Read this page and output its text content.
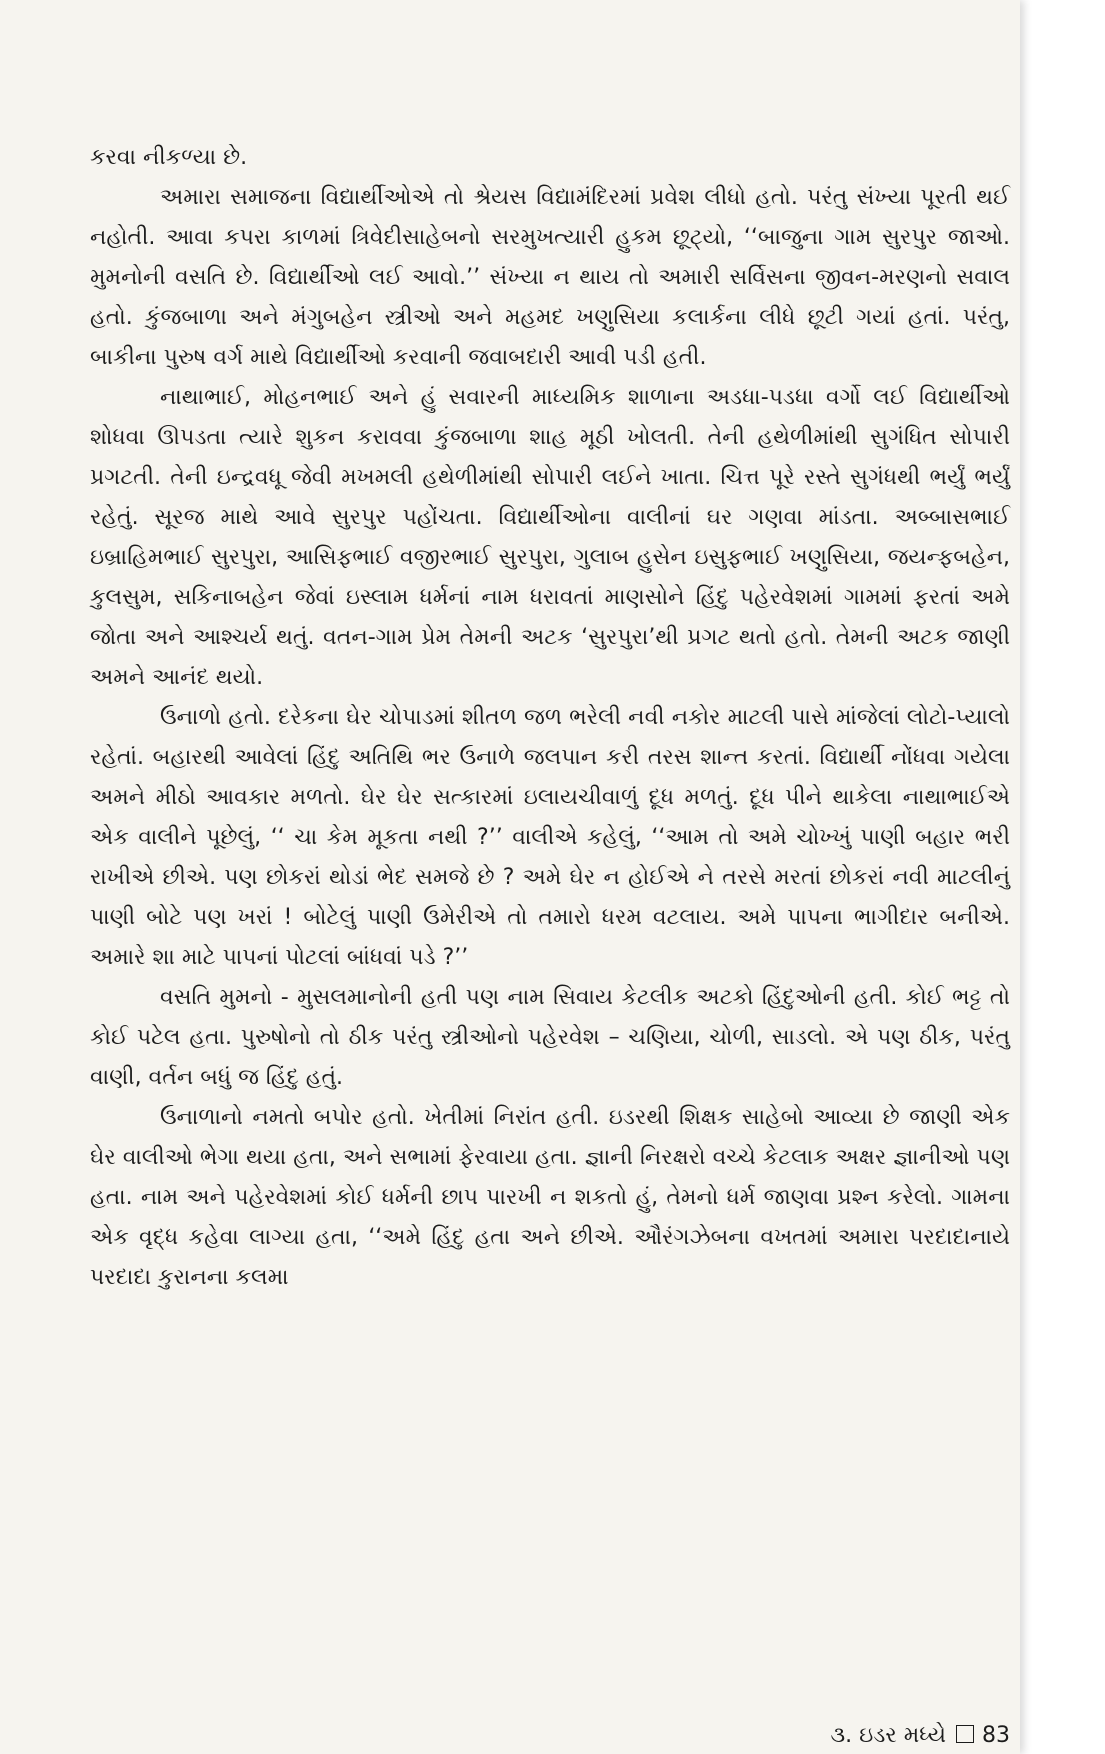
કરવા નીકળ્યા છે.

અમારા સમાજના વિદ્યાર્થીઓએ તો શ્રેયસ વિદ્યામંદિરમાં પ્રવેશ લીધો હતો. પરંતુ સંખ્યા પૂરતી થઈ નહોતી. આવા કપરા કાળમાં ત્રિવેદીસાહેબનો સરમુખત્યારી હુકમ છૂટ્યો, ‘‘બાજુના ગામ સુરપુર જાઓ. મુમનોની વસતિ છે. વિદ્યાર્થીઓ લઈ આવો.’’ સંખ્યા ન થાય તો અમારી સર્વિસના જીવન-મરણનો સવાલ હતો. કુંજબાળા અને મંગુબહેન સ્ત્રીઓ અને મહમદ ખણુસિયા કલાર્કના લીધે છૂટી ગયાં હતાં. પરંતુ, બાકીના પુરુષ વર્ગ માથે વિદ્યાર્થીઓ કરવાની જવાબદારી આવી પડી હતી.

નાથાભાઈ, મોહનભાઈ અને હું સવારની માધ્યમિક શાળાના અડધા-પડધા વર્ગો લઈ વિદ્યાર્થીઓ શોધવા ઊપડતા ત્યારે શુકન કરાવવા કુંજબાળા શાહ મૂઠી ખોલતી. તેની હથેળીમાંથી સુગંધિત સોપારી પ્રગટતી. તેની ઇન્દ્રવધૂ જેવી મખમલી હથેળીમાંથી સોપારી લઈને ખાતા. ચિત્ત પૂરે રસ્તે સુગંધથી ભર્યું ભર્યું રહેતું. સૂરજ માથે આવે સુરપુર પહોંચતા. વિદ્યાર્થીઓના વાલીનાં ઘર ગણવા માંડતા. અબ્બાસભાઈ ઇબ્રાહિમભાઈ સુરપુરા, આસિફભાઈ વજીરભાઈ સુરપુરા, ગુલાબ હુસેન ઇસુફભાઈ ખણુસિયા, જયન્ફબહેન, કુલસુમ, સકિનાબહેન જેવાં ઇસ્લામ ધર્મનાં નામ ધરાવતાં માણસોને હિંદુ પહેરવેશમાં ગામમાં ફરતાં અમે જોતા અને આશ્ચર્ય થતું. વતન-ગામ પ્રેમ તેમની અટક ‘સુરપુરા’થી પ્રગટ થતો હતો. તેમની અટક જાણી અમને આનંદ થયો.

ઉનાળો હતો. દરેકના ઘેર ચોપાડમાં શીતળ જળ ભરેલી નવી નકોર માટલી પાસે માંજેલાં લોટો-પ્યાલો રહેતાં. બહારથી આવેલાં હિંદુ અતિથિ ભર ઉનાળે જલપાન કરી તરસ શાન્ત કરતાં. વિદ્યાર્થી નોંધવા ગયેલા અમને મીઠો આવકાર મળતો. ઘેર ઘેર સત્કારમાં ઇલાયચીવાળું દૂધ મળતું. દૂધ પીને થાકેલા નાથાભાઈએ એક વાલીને પૂછેલું, ‘‘ ચા કેમ મૂકતા નથી ?’’ વાલીએ કહેલું, ‘‘આમ તો અમે ચોખ્ખું પાણી બહાર ભરી રાખીએ છીએ. પણ છોકરાં થોડાં ભેદ સમજે છે ? અમે ઘેર ન હોઈએ ને તરસે મરતાં છોકરાં નવી માટલીનું પાણી બોટે પણ ખરાં ! બોટેલું પાણી ઉમેરીએ તો તમારો ધરમ વટલાય. અમે પાપના ભાગીદાર બનીએ. અમારે શા માટે પાપનાં પોટલાં બાંધવાં પડે ?’’

વસતિ મુમનો - મુસલમાનોની હતી પણ નામ સિવાય કેટલીક અટકો હિંદુઓની હતી. કોઈ ભટ્ટ તો કોઈ પટેલ હતા. પુરુષોનો તો ઠીક પરંતુ સ્ત્રીઓનો પહેરવેશ – ચણિયા, ચોળી, સાડલો. એ પણ ઠીક, પરંતુ વાણી, વર્તન બધું જ હિંદુ હતું.

ઉનાળાનો નમતો બપોર હતો. ખેતીમાં નિરાંત હતી. ઇડરથી શિક્ષક સાહેબો આવ્યા છે જાણી એક ઘેર વાલીઓ ભેગા થયા હતા, અને સભામાં ફેરવાયા હતા. જ્ઞાની નિરક્ષરો વચ્ચે કેટલાક અક્ષર જ્ઞાનીઓ પણ હતા. નામ અને પહેરવેશમાં કોઈ ધર્મની છાપ પારખી ન શકતો હું, તેમનો ધર્મ જાણવા પ્રશ્ન કરેલો. ગામના એક વૃદ્ધ કહેવા લાગ્યા હતા, ‘‘અમે હિંદુ હતા અને છીએ. ઔરંગઝેબના વખતમાં અમારા પરદાદાનાયે પરદાદા કુરાનના કલમા

૩. ઇડર મધ્યે 83
